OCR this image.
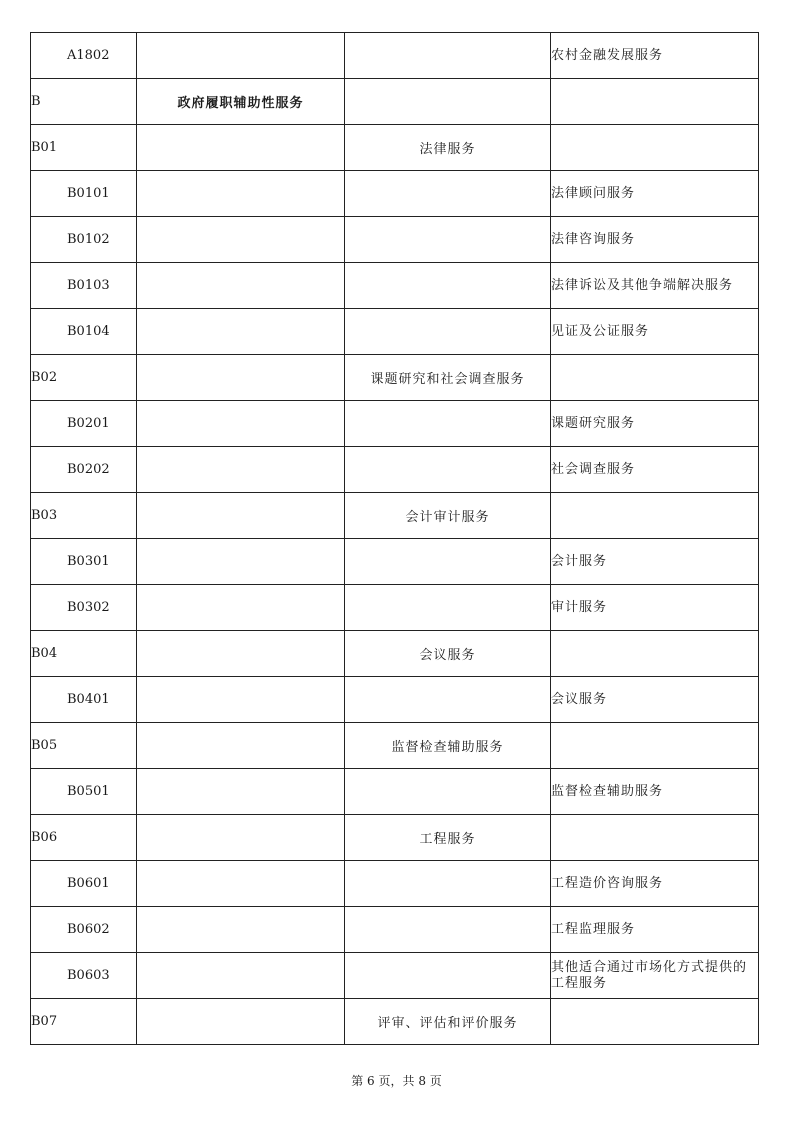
A1802			农村金融发展服务
B	政府履职辅助性服务		
B01		法律服务	
B0101			法律顾问服务
B0102			法律咨询服务
B0103			法律诉讼及其他争端解决服务
B0104			见证及公证服务
B02		课题研究和社会调查服务	
B0201			课题研究服务
B0202			社会调查服务
B03		会计审计服务	
B0301			会计服务
B0302			审计服务
B04		会议服务	
B0401			会议服务
B05		监督检查辅助服务	
B0501			监督检查辅助服务
B06		工程服务	
B0601			工程造价咨询服务
B0602			工程监理服务
B0603			其他适合通过市场化方式提供的工程服务
B07		评审、评估和评价服务	
第 6 页，共 8 页
